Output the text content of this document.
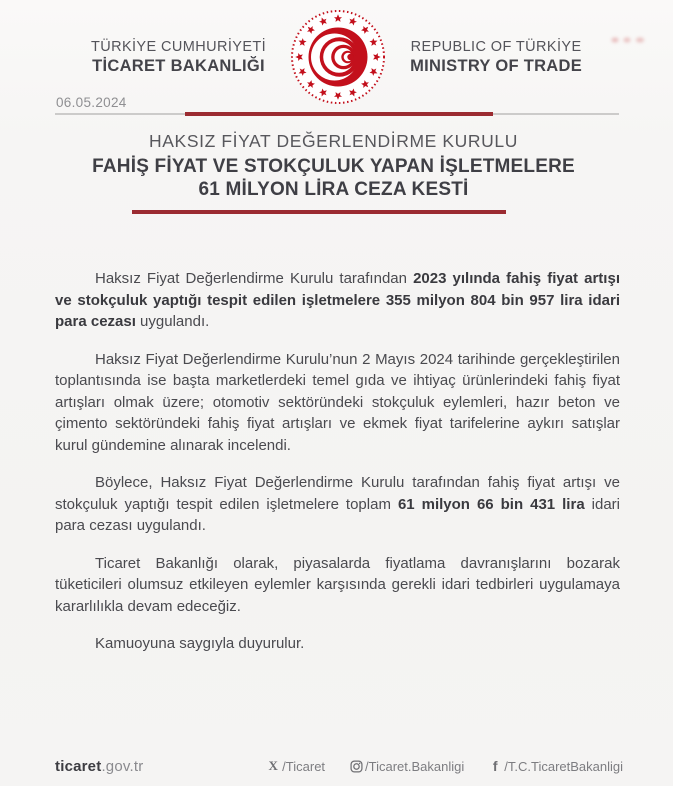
TÜRKİYE CUMHURİYETİ
TİCARET BAKANLIĞI
REPUBLIC OF TÜRKİYE
MINISTRY OF TRADE
06.05.2024
HAKSIZ FİYAT DEĞERLENDİRME KURULU
FAHİŞ FİYAT VE STOKÇULUK YAPAN İŞLETMELERE
61 MİLYON LİRA CEZA KESTİ

Haksız Fiyat Değerlendirme Kurulu tarafından 2023 yılında fahiş fiyat artışı ve stokçuluk yaptığı tespit edilen işletmelere 355 milyon 804 bin 957 lira idari para cezası uygulandı.

Haksız Fiyat Değerlendirme Kurulu’nun 2 Mayıs 2024 tarihinde gerçekleştirilen toplantısında ise başta marketlerdeki temel gıda ve ihtiyaç ürünlerindeki fahiş fiyat artışları olmak üzere; otomotiv sektöründeki stokçuluk eylemleri, hazır beton ve çimento sektöründeki fahiş fiyat artışları ve ekmek fiyat tarifelerine aykırı satışlar kurul gündemine alınarak incelendi.

Böylece, Haksız Fiyat Değerlendirme Kurulu tarafından fahiş fiyat artışı ve stokçuluk yaptığı tespit edilen işletmelere toplam 61 milyon 66 bin 431 lira idari para cezası uygulandı.

Ticaret Bakanlığı olarak, piyasalarda fiyatlama davranışlarını bozarak tüketicileri olumsuz etkileyen eylemler karşısında gerekli idari tedbirleri uygulamaya kararlılıkla devam edeceğiz.

Kamuoyuna saygıyla duyurulur.

ticaret.gov.tr	X /Ticaret	/Ticaret.Bakanligi	f /T.C.TicaretBakanligi
